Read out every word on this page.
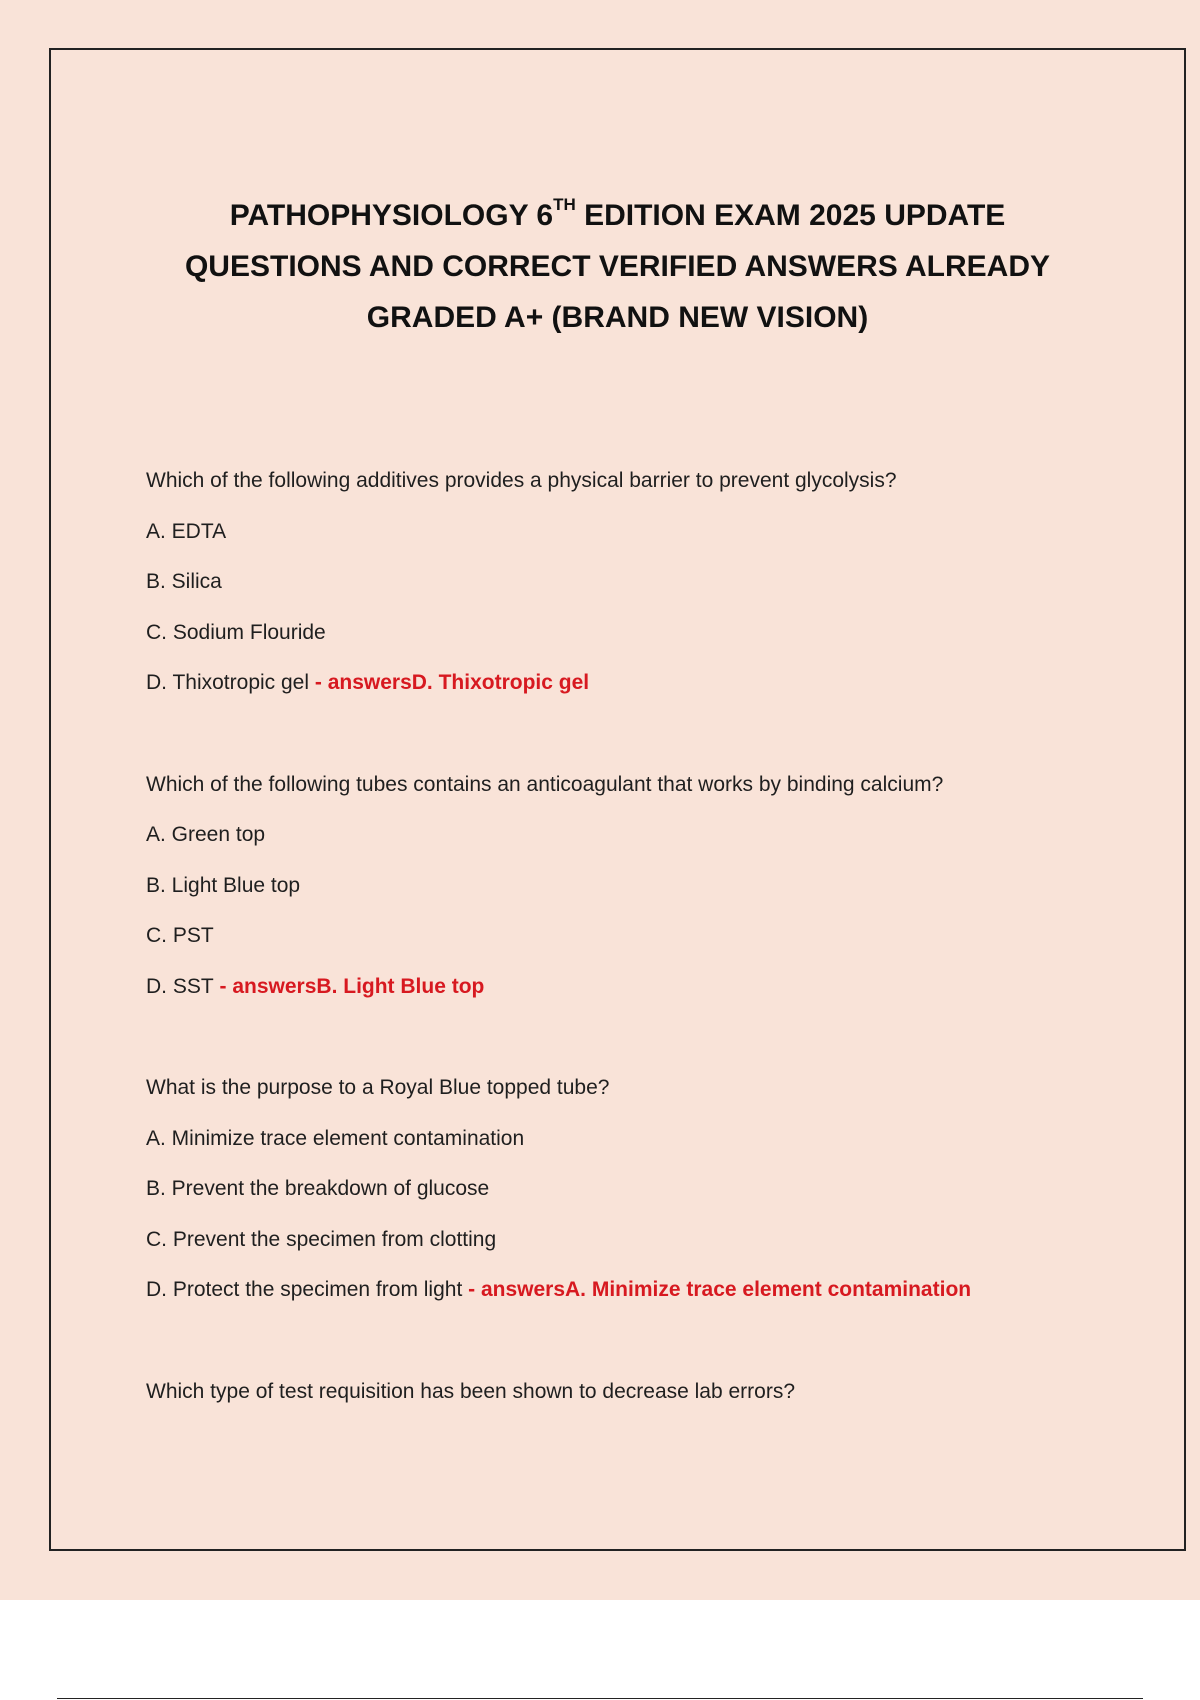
PATHOPHYSIOLOGY 6TH EDITION EXAM 2025 UPDATE
QUESTIONS AND CORRECT VERIFIED ANSWERS ALREADY
GRADED A+ (BRAND NEW VISION)
Which of the following additives provides a physical barrier to prevent glycolysis?
A. EDTA
B. Silica
C. Sodium Flouride
D. Thixotropic gel - answersD. Thixotropic gel
Which of the following tubes contains an anticoagulant that works by binding calcium?
A. Green top
B. Light Blue top
C. PST
D. SST - answersB. Light Blue top
What is the purpose to a Royal Blue topped tube?
A. Minimize trace element contamination
B. Prevent the breakdown of glucose
C. Prevent the specimen from clotting
D. Protect the specimen from light - answersA. Minimize trace element contamination
Which type of test requisition has been shown to decrease lab errors?
